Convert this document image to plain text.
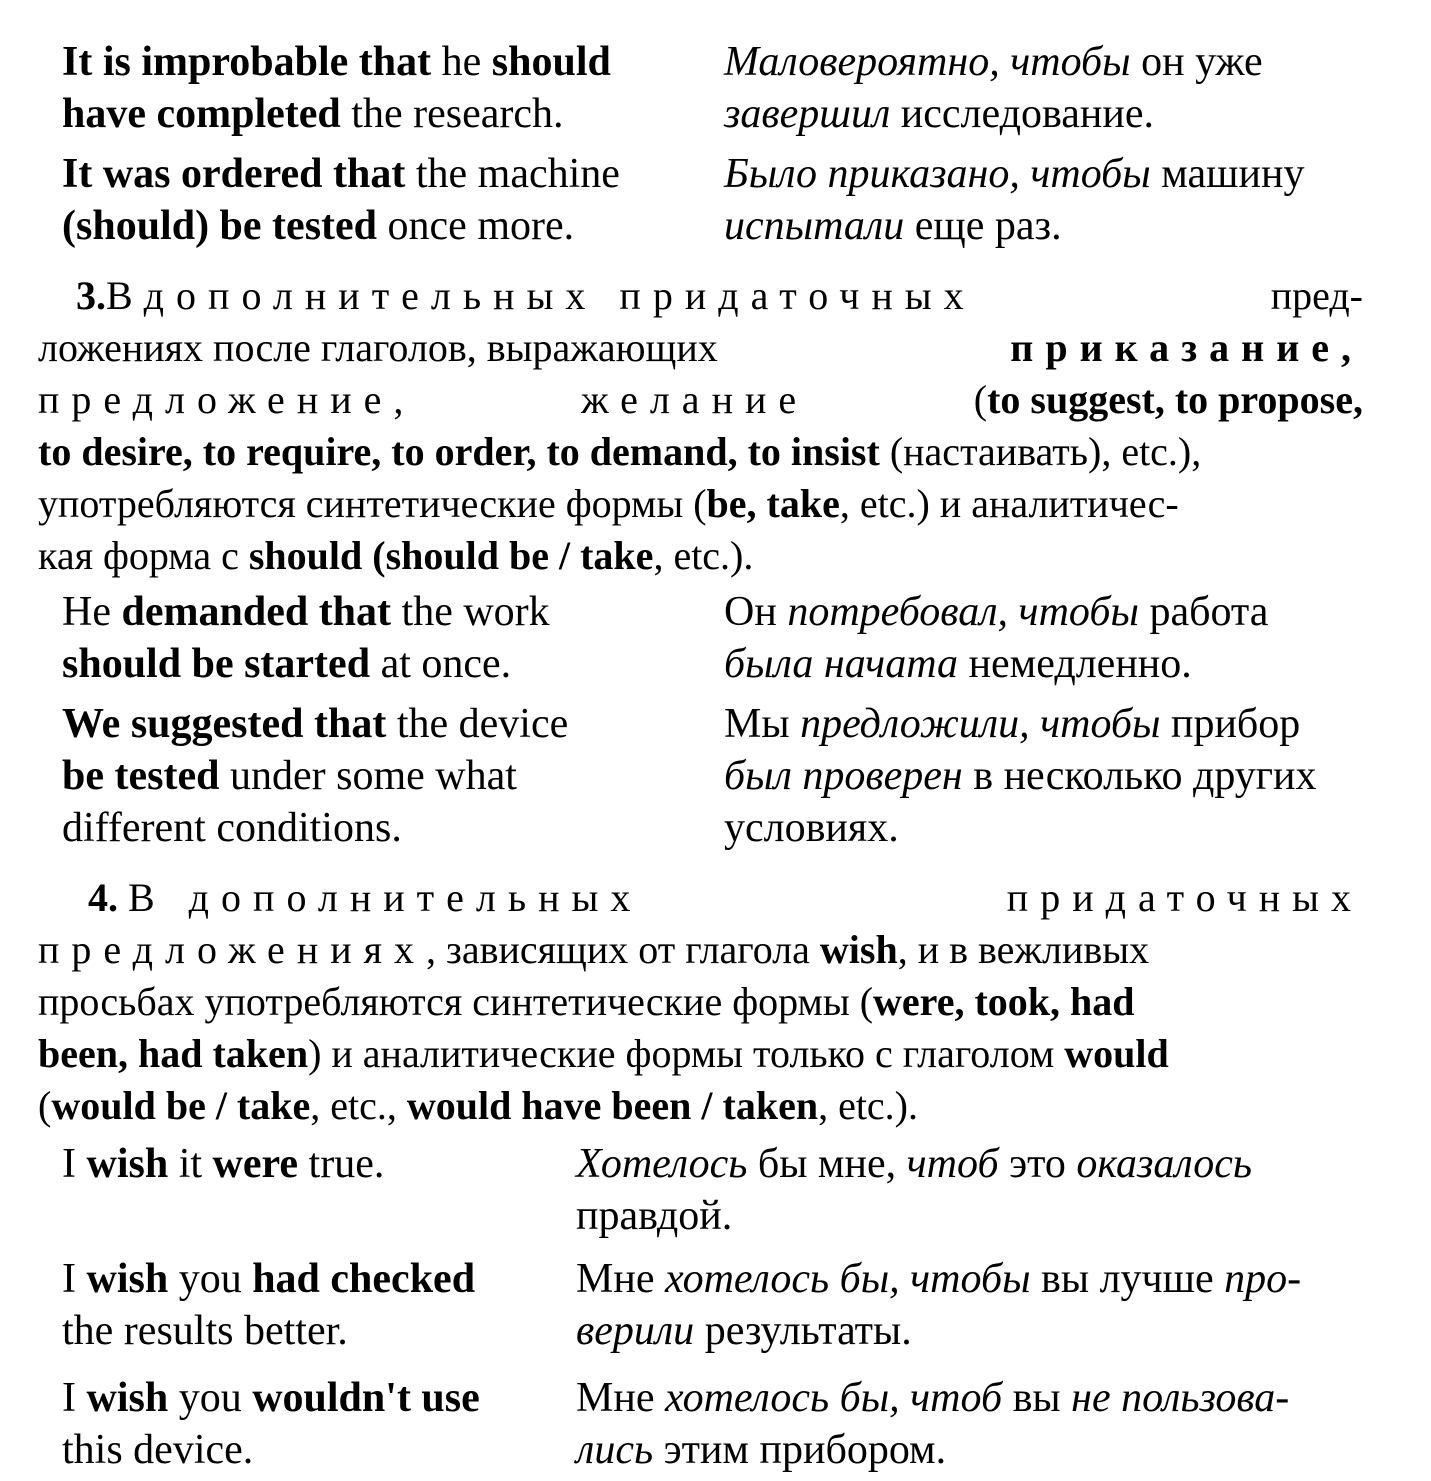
It is improbable that he should
have completed the research.
Маловероятно, чтобы он уже
завершил исследование.
It was ordered that the machine
(should) be tested once more.
Было приказано, чтобы машину
испытали еще раз.
3.Вдополнительных придаточных	пред-
ложениях после глаголов, выражающих	приказание,
предложение,	желание	(to suggest, to propose,
to desire, to require, to order, to demand, to insist (настаивать), etc.),
употребляются синтетические формы (be, take, etc.) и аналитичес-
кая форма с should (should be / take, etc.).
He demanded that the work
should be started at once.
Он потребовал, чтобы работа
была начата немедленно.
We suggested that the device
be tested under some what
different conditions.
Мы предложили, чтобы прибор
был проверен в несколько других
условиях.
4. В дополнительных	придаточных
предложениях, зависящих от глагола wish, и в вежливых
просьбах употребляются синтетические формы (were, took, had
been, had taken) и аналитические формы только с глаголом would
(would be / take, etc., would have been / taken, etc.).
I wish it were true.	Хотелось бы мне, чтоб это оказалось
правдой.
I wish you had checked
the results better.
Мне хотелось бы, чтобы вы лучше про-
верили результаты.
I wish you wouldn't use
this device.
Мне хотелось бы, чтоб вы не пользова-
лись этим прибором.
